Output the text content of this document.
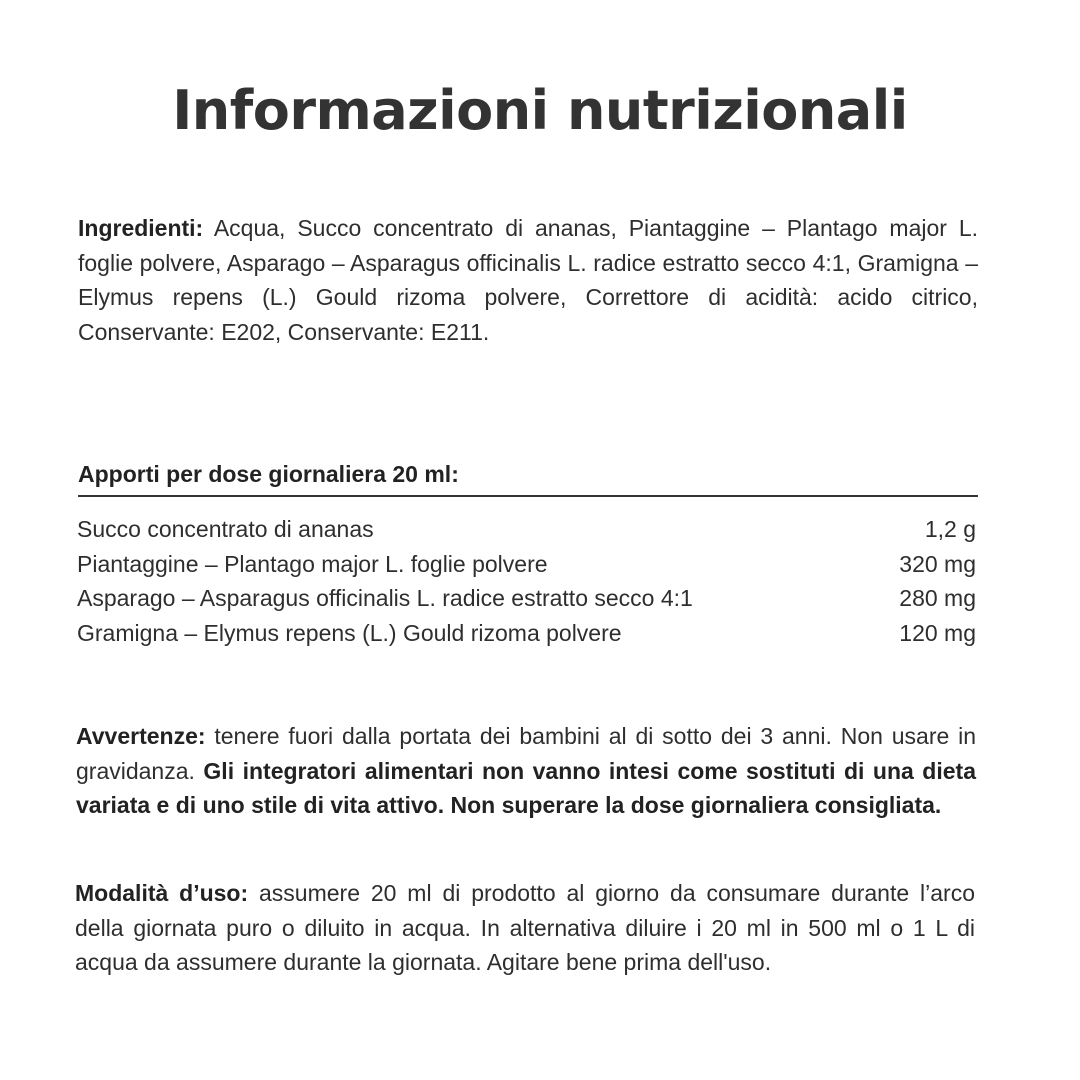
Informazioni nutrizionali

Ingredienti: Acqua, Succo concentrato di ananas, Piantaggine – Plantago major L. foglie polvere, Asparago – Asparagus officinalis L. radice estratto secco 4:1, Gramigna – Elymus repens (L.) Gould rizoma polvere, Correttore di acidità: acido citrico, Conservante: E202, Conservante: E211.

Apporti per dose giornaliera 20 ml:
Succo concentrato di ananas	1,2 g
Piantaggine – Plantago major L. foglie polvere	320 mg
Asparago – Asparagus officinalis L. radice estratto secco 4:1	280 mg
Gramigna – Elymus repens (L.) Gould rizoma polvere	120 mg

Avvertenze: tenere fuori dalla portata dei bambini al di sotto dei 3 anni. Non usare in gravidanza. Gli integratori alimentari non vanno intesi come sostituti di una dieta variata e di uno stile di vita attivo. Non superare la dose giornaliera consigliata.

Modalità d’uso: assumere 20 ml di prodotto al giorno da consumare durante l’arco della giornata puro o diluito in acqua. In alternativa diluire i 20 ml in 500 ml o 1 L di acqua da assumere durante la giornata. Agitare bene prima dell'uso.
